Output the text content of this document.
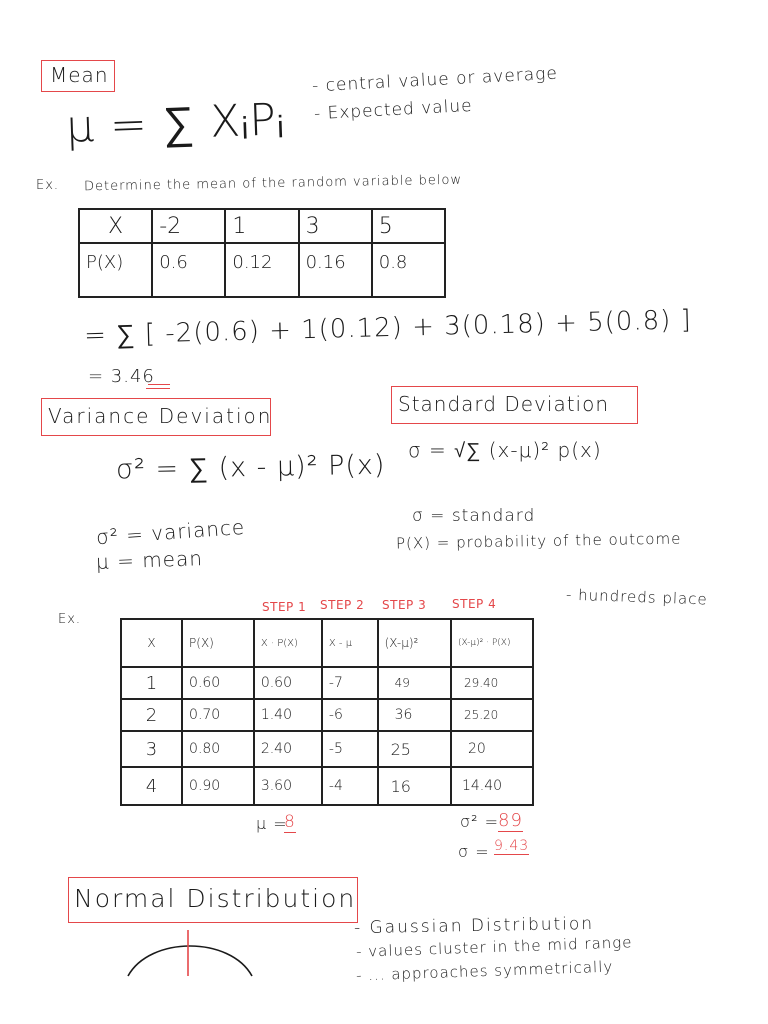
Mean
μ = ∑ XᵢPᵢ
- central value or average
- Expected value
Ex. Determine the mean of the random variable below
X	-2	1	3	5
P(X)	0.6	0.12	0.16	0.8
= ∑ [ -2(0.6) + 1(0.12) + 3(0.18) + 5(0.8) ]
= 3.46
Variance Deviation
σ² = ∑ (x - μ)² P(x)
σ² = variance
μ = mean
Standard Deviation
σ = √∑ (x-μ)² p(x)
σ = standard
P(X) = probability of the outcome
Ex.
STEP 1 STEP 2 STEP 3 STEP 4	- hundreds place
X	P(X)	X · P(X)	X - μ	(X-μ)²	(X-μ)² · P(X)
1	0.60	0.60	-7	49	29.40
2	0.70	1.40	-6	36	25.20
3	0.80	2.40	-5	25	20
4	0.90	3.60	-4	16	14.40
μ =
8	σ² =
89
σ = 9.43
Normal Distribution
- Gaussian Distribution
- values cluster in the mid range
- ... approaches symmetrically
